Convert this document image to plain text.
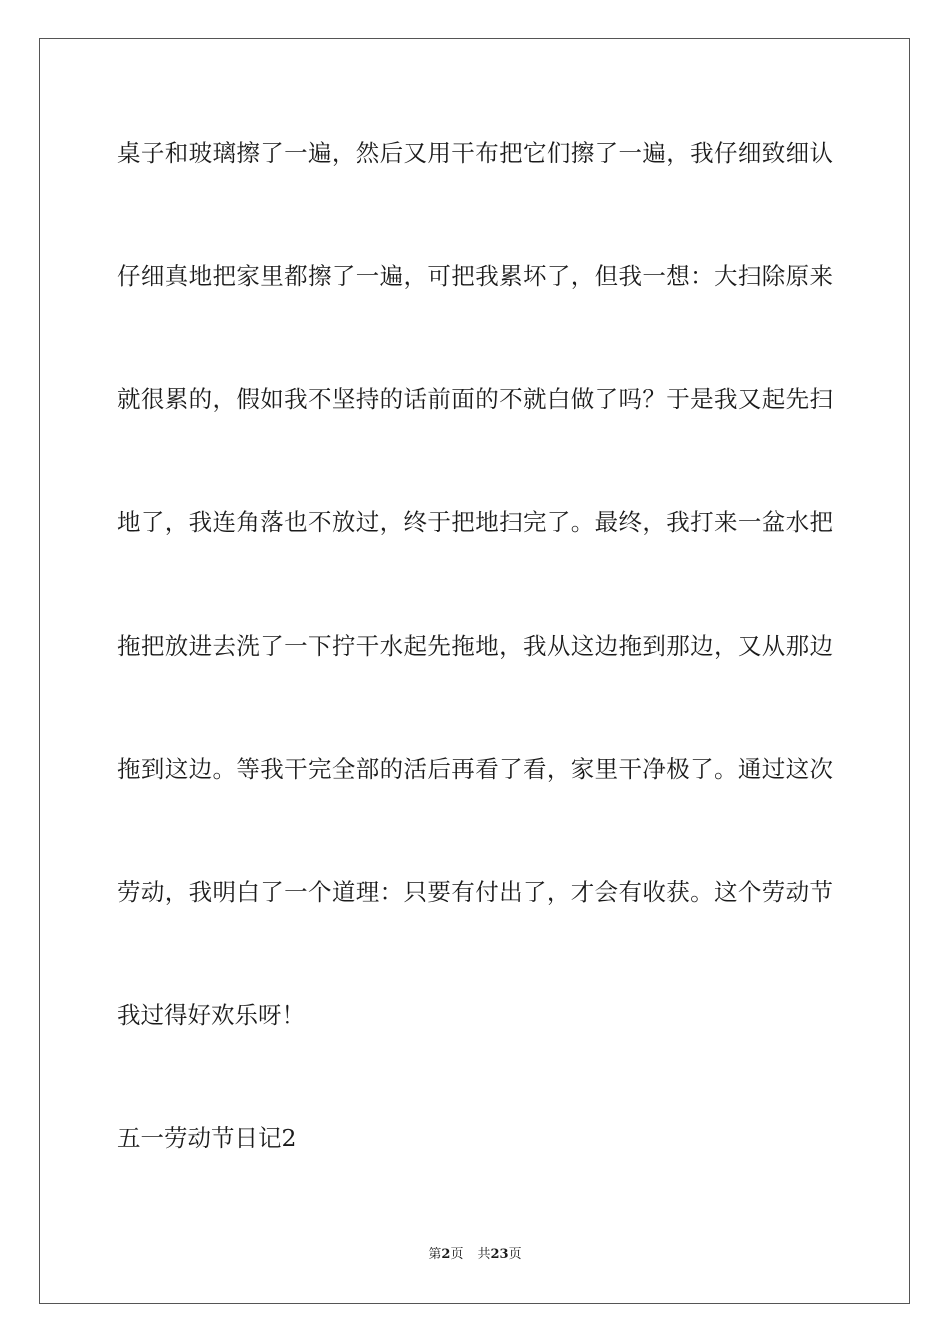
桌子和玻璃擦了一遍，然后又用干布把它们擦了一遍，我仔细致细认
仔细真地把家里都擦了一遍，可把我累坏了，但我一想：大扫除原来
就很累的，假如我不坚持的话前面的不就白做了吗？于是我又起先扫
地了，我连角落也不放过，终于把地扫完了。最终，我打来一盆水把
拖把放进去洗了一下拧干水起先拖地，我从这边拖到那边，又从那边
拖到这边。等我干完全部的活后再看了看，家里干净极了。通过这次
劳动，我明白了一个道理：只要有付出了，才会有收获。这个劳动节
我过得好欢乐呀！
五一劳动节日记2
第2页 共23页
